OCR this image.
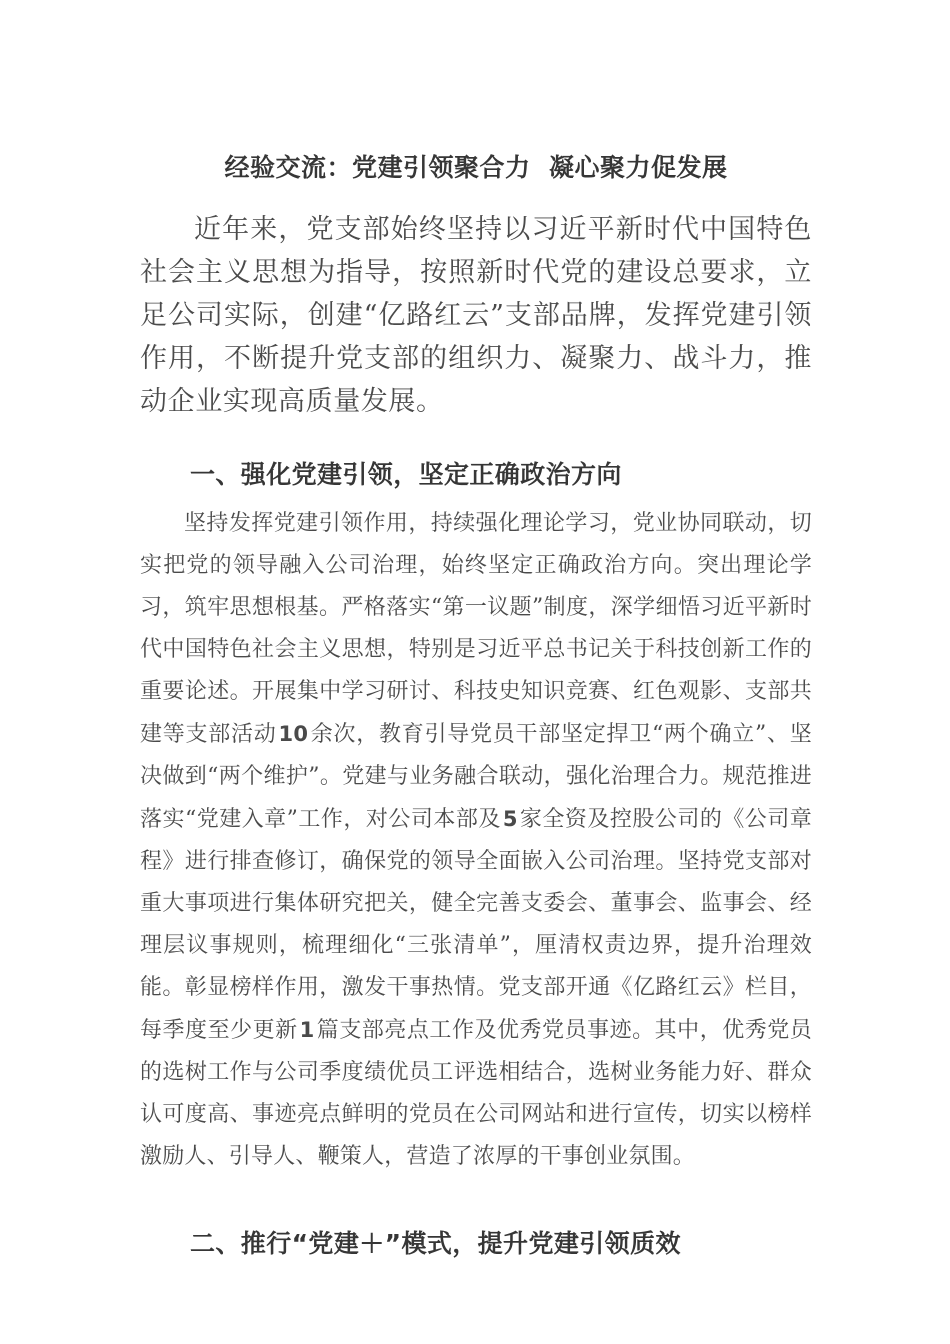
经验交流：党建引领聚合力  凝心聚力促发展

近年来，党支部始终坚持以习近平新时代中国特色社会主义思想为指导，按照新时代党的建设总要求，立足公司实际，创建“亿路红云”支部品牌，发挥党建引领作用，不断提升党支部的组织力、凝聚力、战斗力，推动企业实现高质量发展。

一、强化党建引领，坚定正确政治方向

坚持发挥党建引领作用，持续强化理论学习，党业协同联动，切实把党的领导融入公司治理，始终坚定正确政治方向。突出理论学习，筑牢思想根基。严格落实“第一议题”制度，深学细悟习近平新时代中国特色社会主义思想，特别是习近平总书记关于科技创新工作的重要论述。开展集中学习研讨、科技史知识竞赛、红色观影、支部共建等支部活动10余次，教育引导党员干部坚定捍卫“两个确立”、坚决做到“两个维护”。党建与业务融合联动，强化治理合力。规范推进落实“党建入章”工作，对公司本部及5家全资及控股公司的《公司章程》进行排查修订，确保党的领导全面嵌入公司治理。坚持党支部对重大事项进行集体研究把关，健全完善支委会、董事会、监事会、经理层议事规则，梳理细化“三张清单”，厘清权责边界，提升治理效能。彰显榜样作用，激发干事热情。党支部开通《亿路红云》栏目，每季度至少更新1篇支部亮点工作及优秀党员事迹。其中，优秀党员的选树工作与公司季度绩优员工评选相结合，选树业务能力好、群众认可度高、事迹亮点鲜明的党员在公司网站和进行宣传，切实以榜样激励人、引导人、鞭策人，营造了浓厚的干事创业氛围。

二、推行“党建＋”模式，提升党建引领质效
